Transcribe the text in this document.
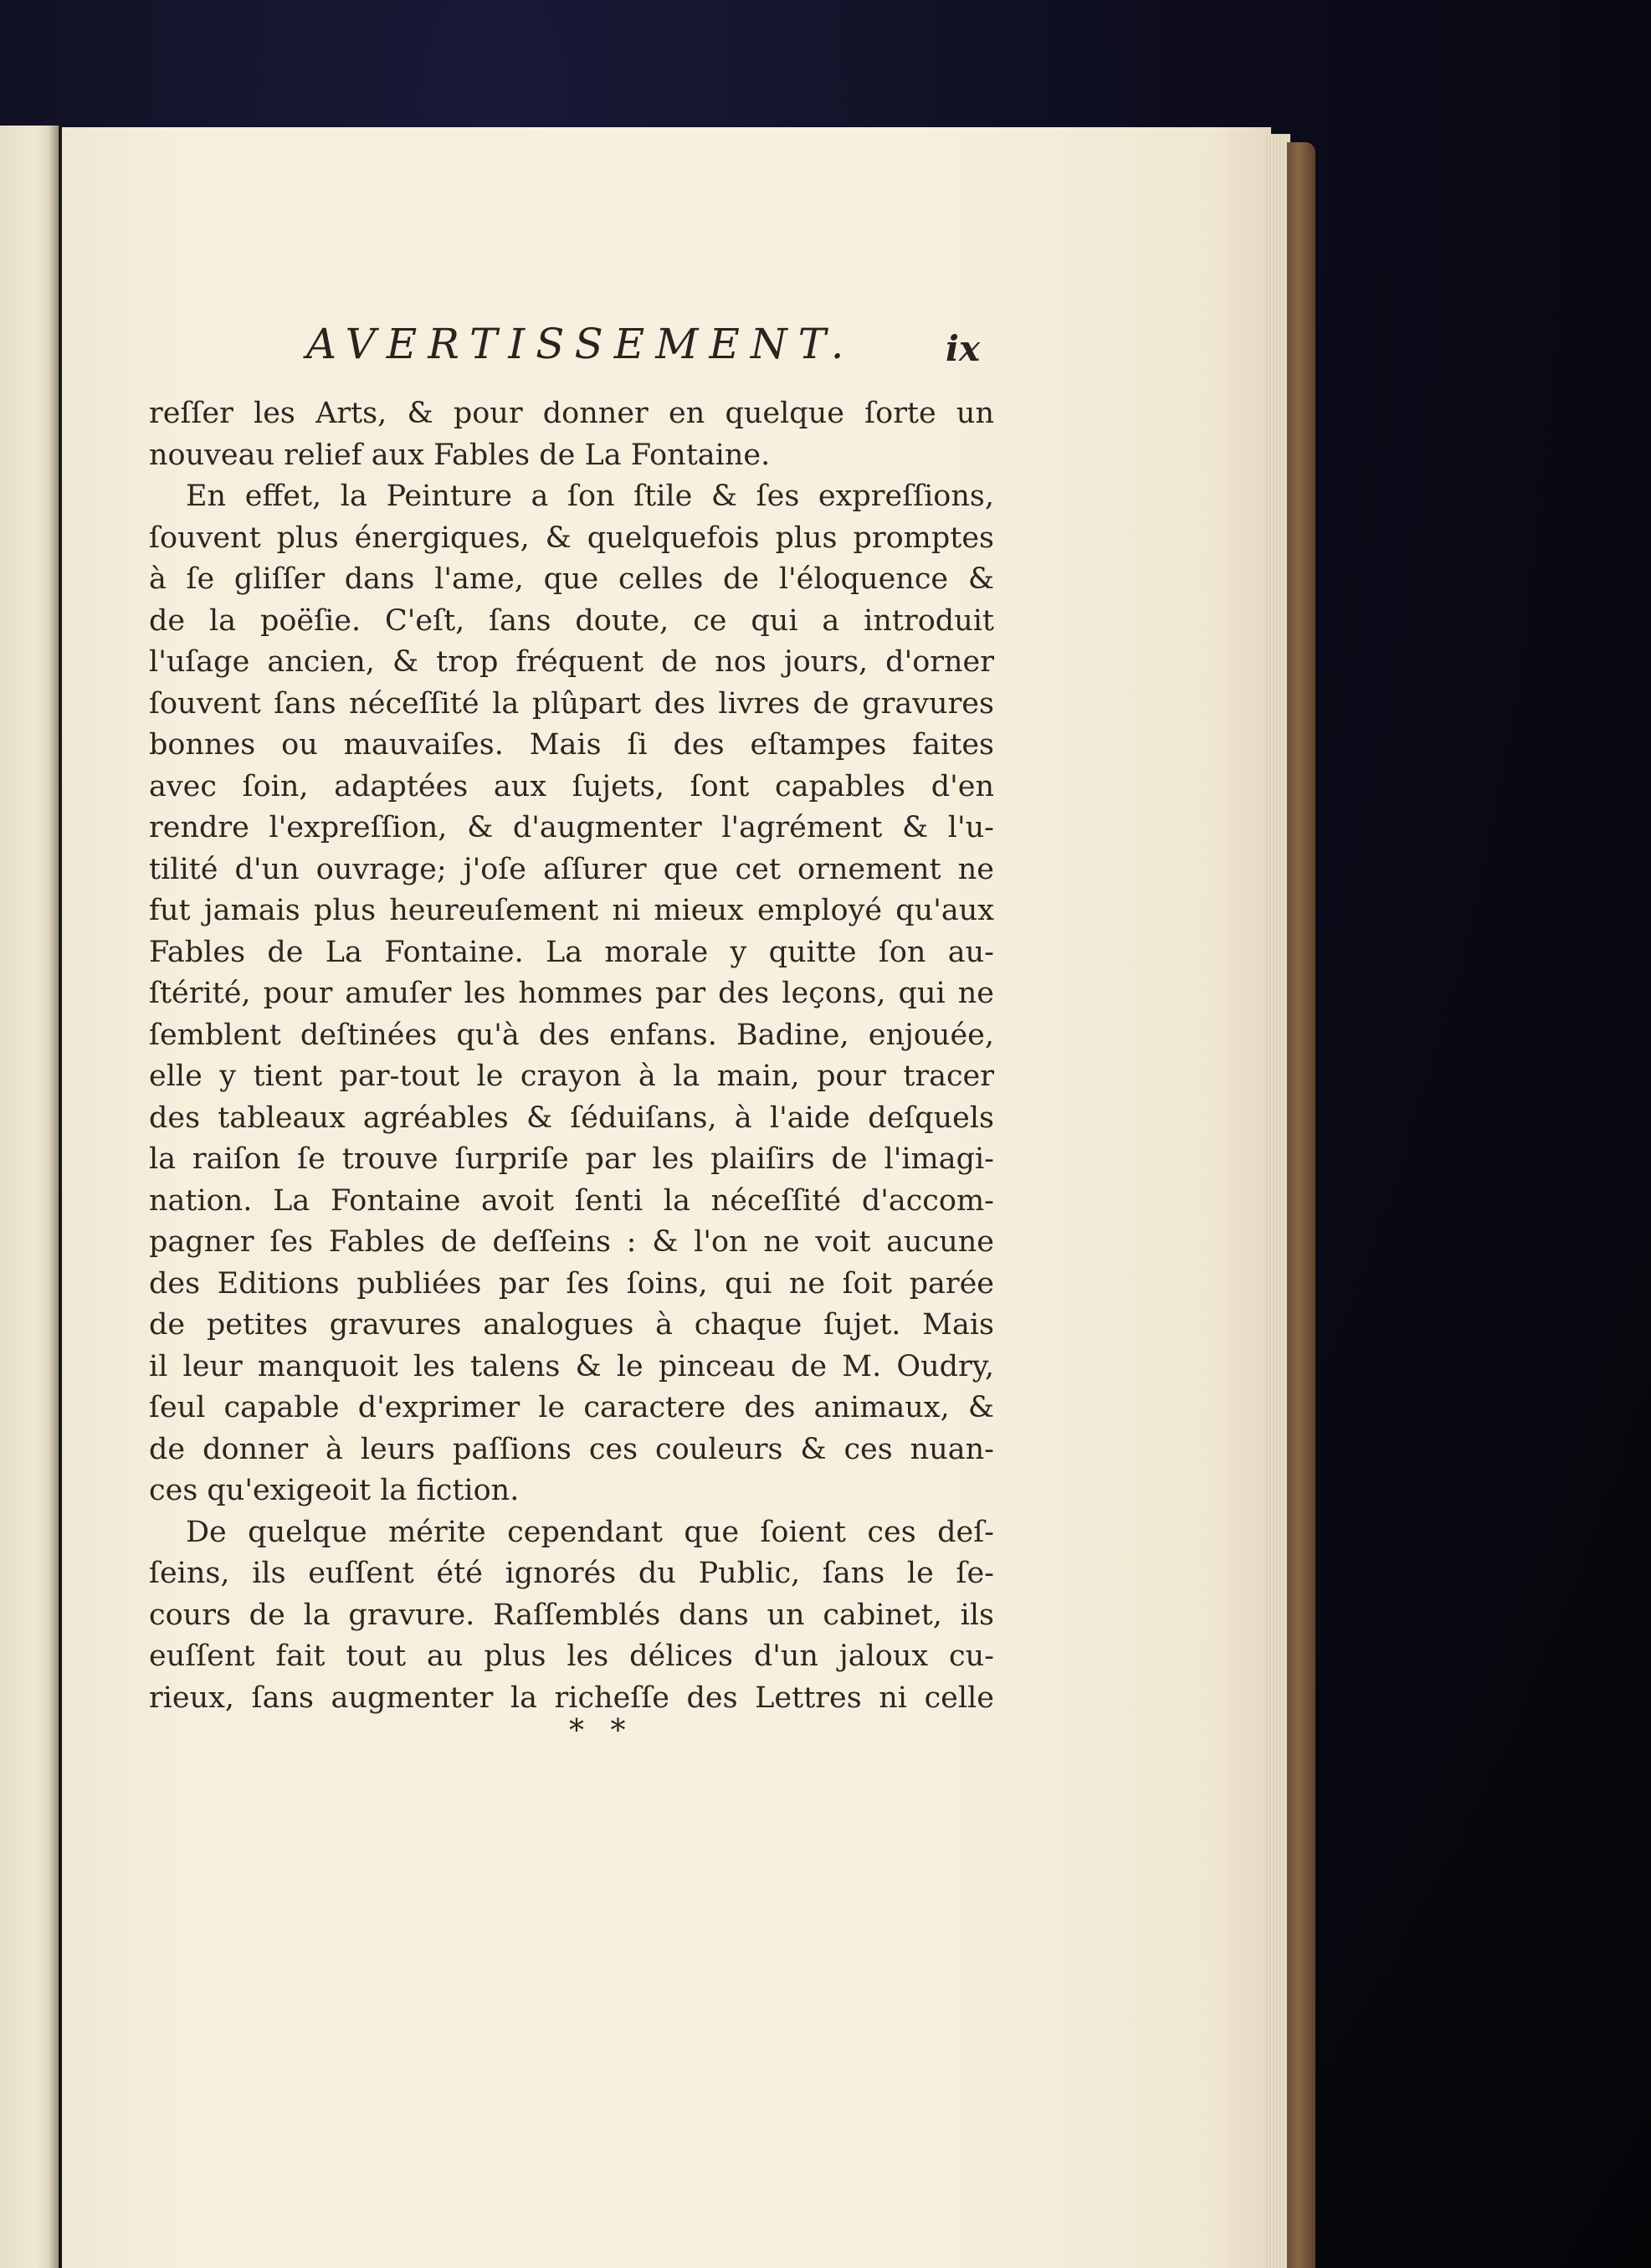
AVERTISSEMENT.	ix
reſſer les Arts, & pour donner en quelque ſorte un
nouveau relief aux Fables de La Fontaine.
En effet, la Peinture a ſon ſtile & ſes expreſſions,
ſouvent plus énergiques, & quelquefois plus promptes
à ſe gliſſer dans l'ame, que celles de l'éloquence &
de la poëſie. C'eſt, ſans doute, ce qui a introduit
l'uſage ancien, & trop fréquent de nos jours, d'orner
ſouvent ſans néceſſité la plûpart des livres de gravures
bonnes ou mauvaiſes. Mais ſi des eſtampes faites
avec ſoin, adaptées aux ſujets, ſont capables d'en
rendre l'expreſſion, & d'augmenter l'agrément & l'u-
tilité d'un ouvrage; j'oſe aſſurer que cet ornement ne
fut jamais plus heureuſement ni mieux employé qu'aux
Fables de La Fontaine. La morale y quitte ſon au-
ſtérité, pour amuſer les hommes par des leçons, qui ne
ſemblent deſtinées qu'à des enfans. Badine, enjouée,
elle y tient par-tout le crayon à la main, pour tracer
des tableaux agréables & ſéduiſans, à l'aide deſquels
la raiſon ſe trouve ſurpriſe par les plaiſirs de l'imagi-
nation. La Fontaine avoit ſenti la néceſſité d'accom-
pagner ſes Fables de deſſeins : & l'on ne voit aucune
des Editions publiées par ſes ſoins, qui ne ſoit parée
de petites gravures analogues à chaque ſujet. Mais
il leur manquoit les talens & le pinceau de M. Oudry,
ſeul capable d'exprimer le caractere des animaux, &
de donner à leurs paſſions ces couleurs & ces nuan-
ces qu'exigeoit la fiction.
De quelque mérite cependant que ſoient ces deſ-
ſeins, ils euſſent été ignorés du Public, ſans le ſe-
cours de la gravure. Raſſemblés dans un cabinet, ils
euſſent fait tout au plus les délices d'un jaloux cu-
rieux, ſans augmenter la richeſſe des Lettres ni celle
* *
